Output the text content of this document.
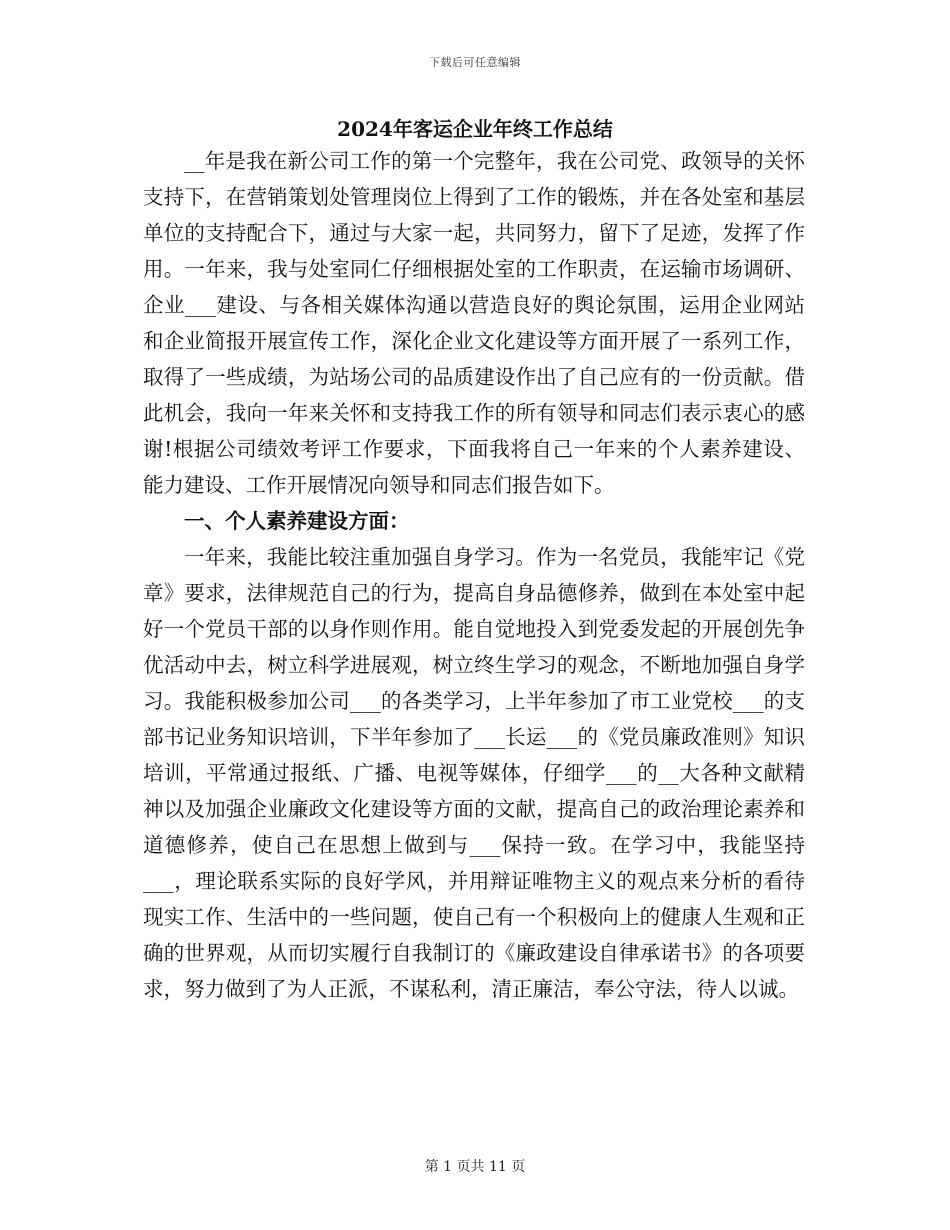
下载后可任意编辑
2024年客运企业年终工作总结

__年是我在新公司工作的第一个完整年，我在公司党、政领导的关怀支持下，在营销策划处管理岗位上得到了工作的锻炼，并在各处室和基层单位的支持配合下，通过与大家一起，共同努力，留下了足迹，发挥了作用。一年来，我与处室同仁仔细根据处室的工作职责，在运输市场调研、企业___建设、与各相关媒体沟通以营造良好的舆论氛围，运用企业网站和企业简报开展宣传工作，深化企业文化建设等方面开展了一系列工作，取得了一些成绩，为站场公司的品质建设作出了自己应有的一份贡献。借此机会，我向一年来关怀和支持我工作的所有领导和同志们表示衷心的感谢!根据公司绩效考评工作要求，下面我将自己一年来的个人素养建设、能力建设、工作开展情况向领导和同志们报告如下。

一、个人素养建设方面：

一年来，我能比较注重加强自身学习。作为一名党员，我能牢记《党章》要求，法律规范自己的行为，提高自身品德修养，做到在本处室中起好一个党员干部的以身作则作用。能自觉地投入到党委发起的开展创先争优活动中去，树立科学进展观，树立终生学习的观念，不断地加强自身学习。我能积极参加公司___的各类学习，上半年参加了市工业党校___的支部书记业务知识培训，下半年参加了___长运___的《党员廉政准则》知识培训，平常通过报纸、广播、电视等媒体，仔细学___的__大各种文献精神以及加强企业廉政文化建设等方面的文献，提高自己的政治理论素养和道德修养，使自己在思想上做到与___保持一致。在学习中，我能坚持___，理论联系实际的良好学风，并用辩证唯物主义的观点来分析的看待现实工作、生活中的一些问题，使自己有一个积极向上的健康人生观和正确的世界观，从而切实履行自我制订的《廉政建设自律承诺书》的各项要求，努力做到了为人正派，不谋私利，清正廉洁，奉公守法，待人以诚。

第 1 页共 11 页
